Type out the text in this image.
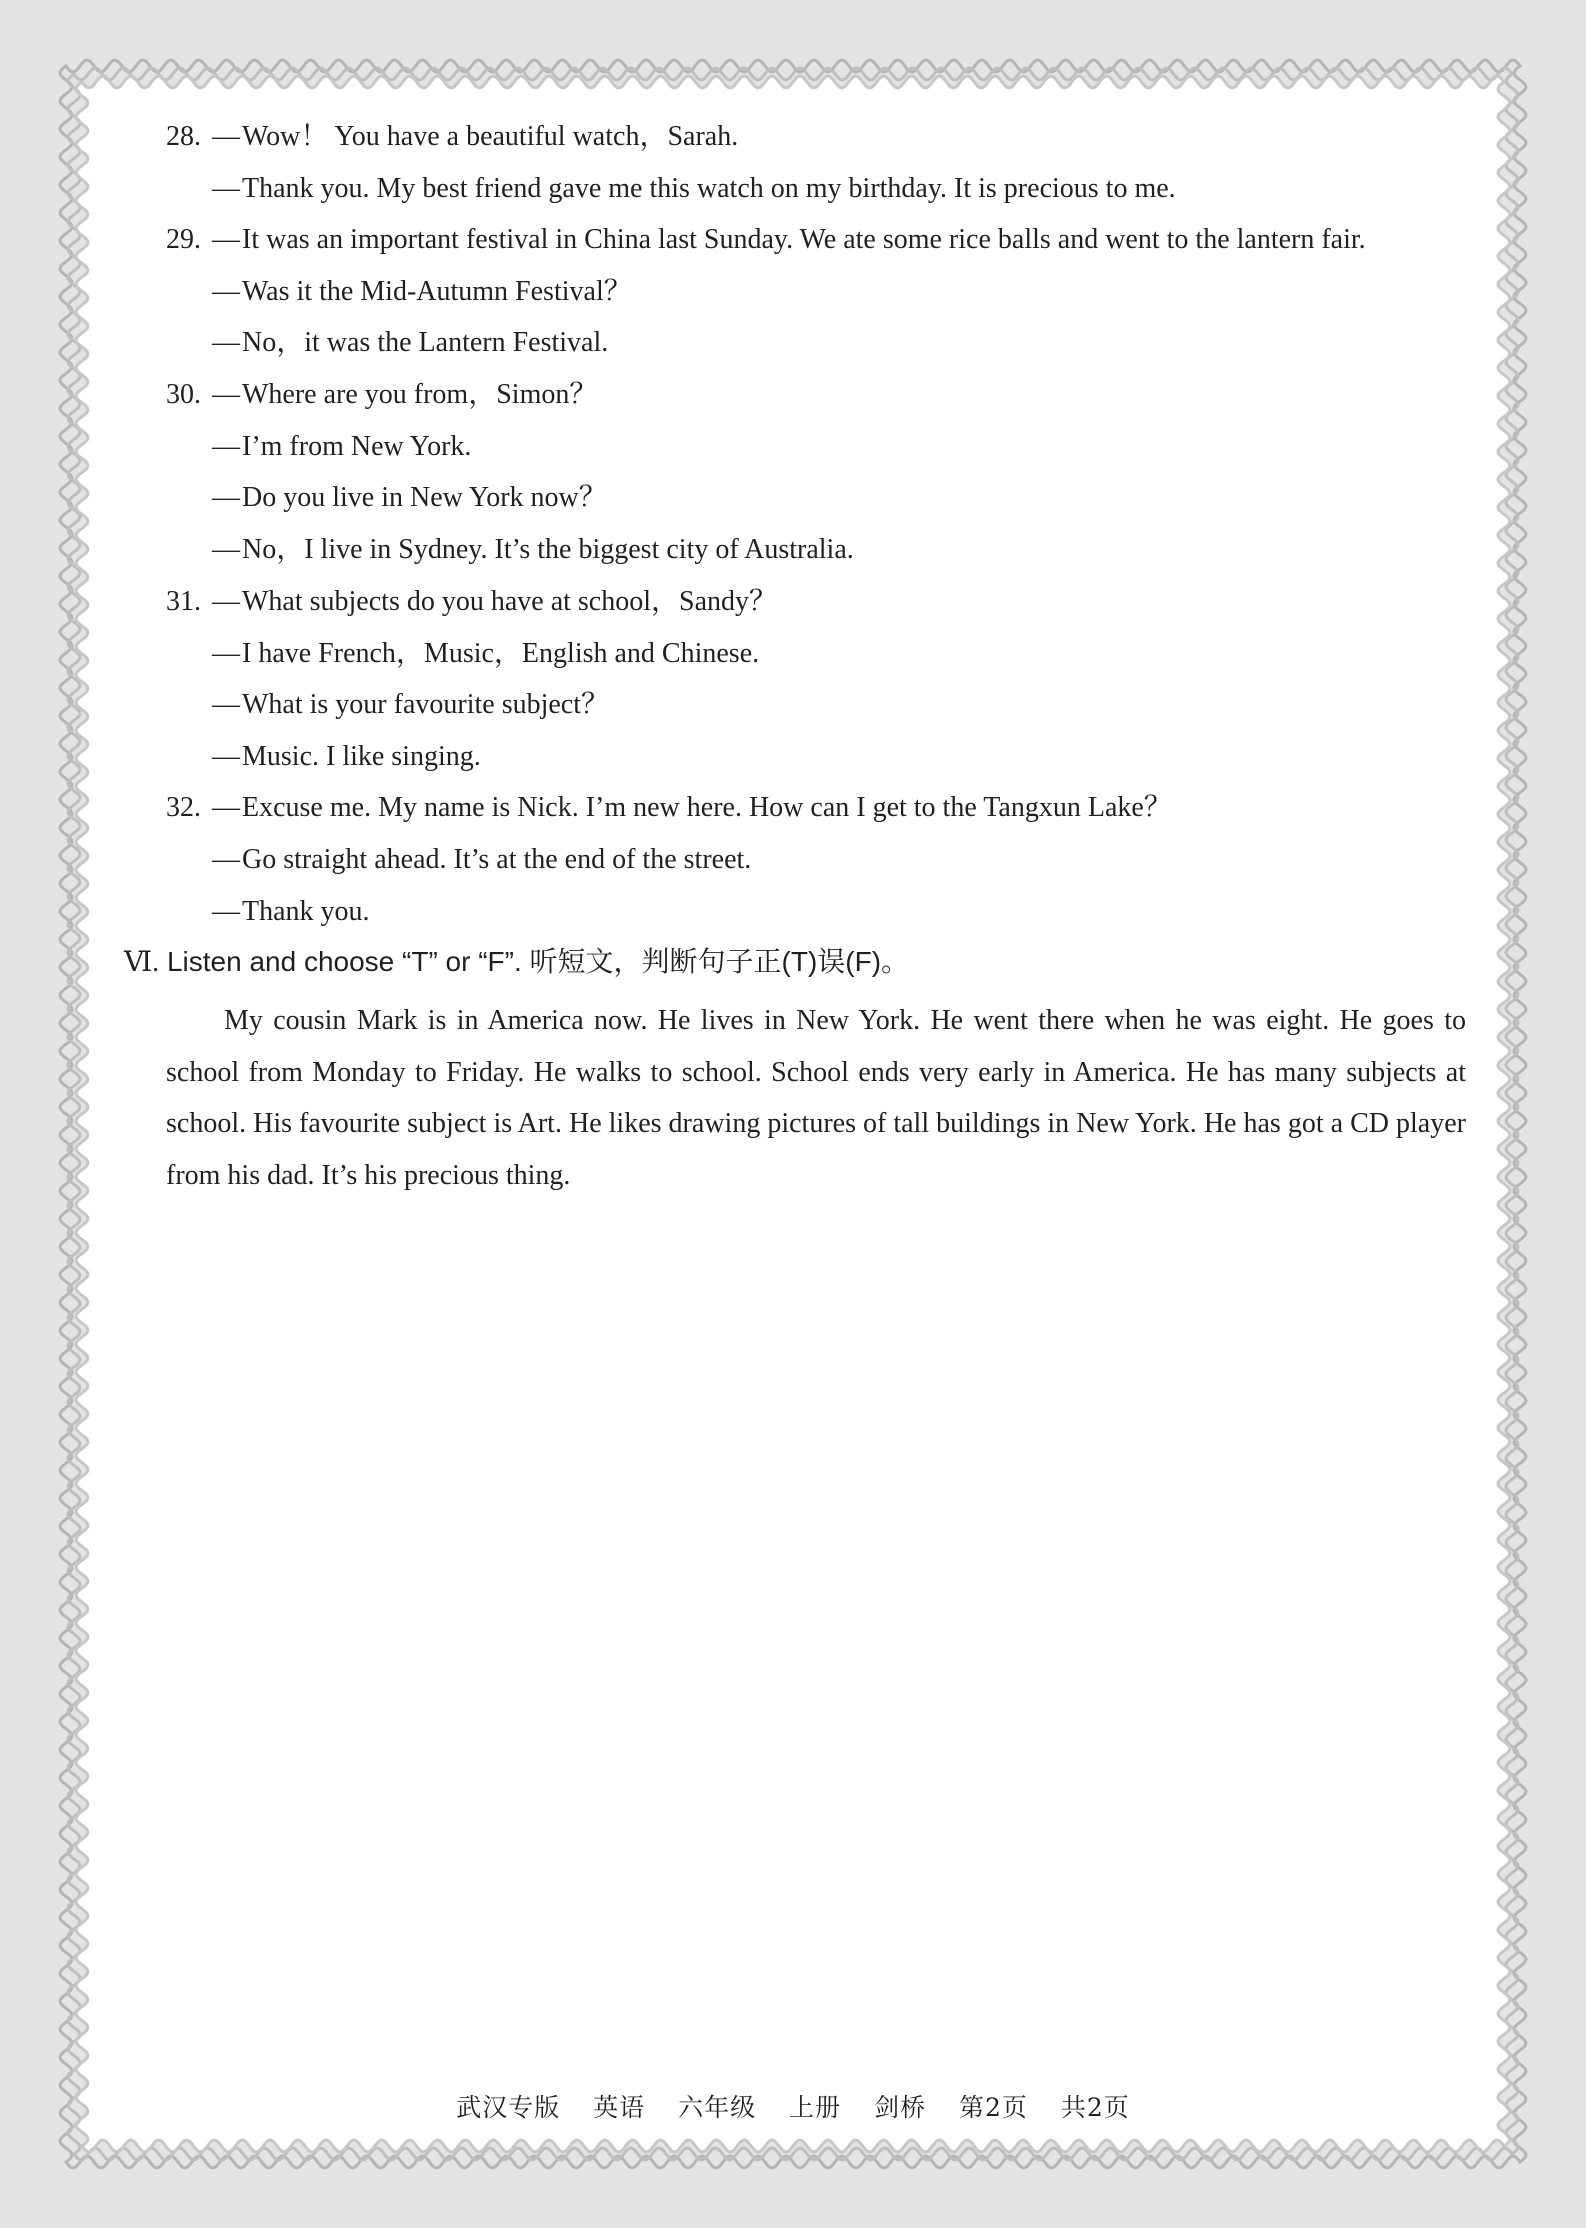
28. —Wow！ You have a beautiful watch，Sarah.
—Thank you. My best friend gave me this watch on my birthday. It is precious to me.
29. —It was an important festival in China last Sunday. We ate some rice balls and went to the lantern fair.
—Was it the Mid-Autumn Festival？
—No，it was the Lantern Festival.
30. —Where are you from，Simon？
—I’m from New York.
—Do you live in New York now？
—No，I live in Sydney. It’s the biggest city of Australia.
31. —What subjects do you have at school，Sandy？
—I have French，Music，English and Chinese.
—What is your favourite subject？
—Music. I like singing.
32. —Excuse me. My name is Nick. I’m new here. How can I get to the Tangxun Lake？
—Go straight ahead. It’s at the end of the street.
—Thank you.
Ⅵ. Listen and choose “T” or “F”. 听短文，判断句子正(T)误(F)。

My cousin Mark is in America now. He lives in New York. He went there when he was eight. He goes to school from Monday to Friday. He walks to school. School ends very early in America. He has many subjects at school. His favourite subject is Art. He likes drawing pictures of tall buildings in New York. He has got a CD player from his dad. It’s his precious thing.

武汉专版 英语 六年级 上册 剑桥 第2页 共2页
